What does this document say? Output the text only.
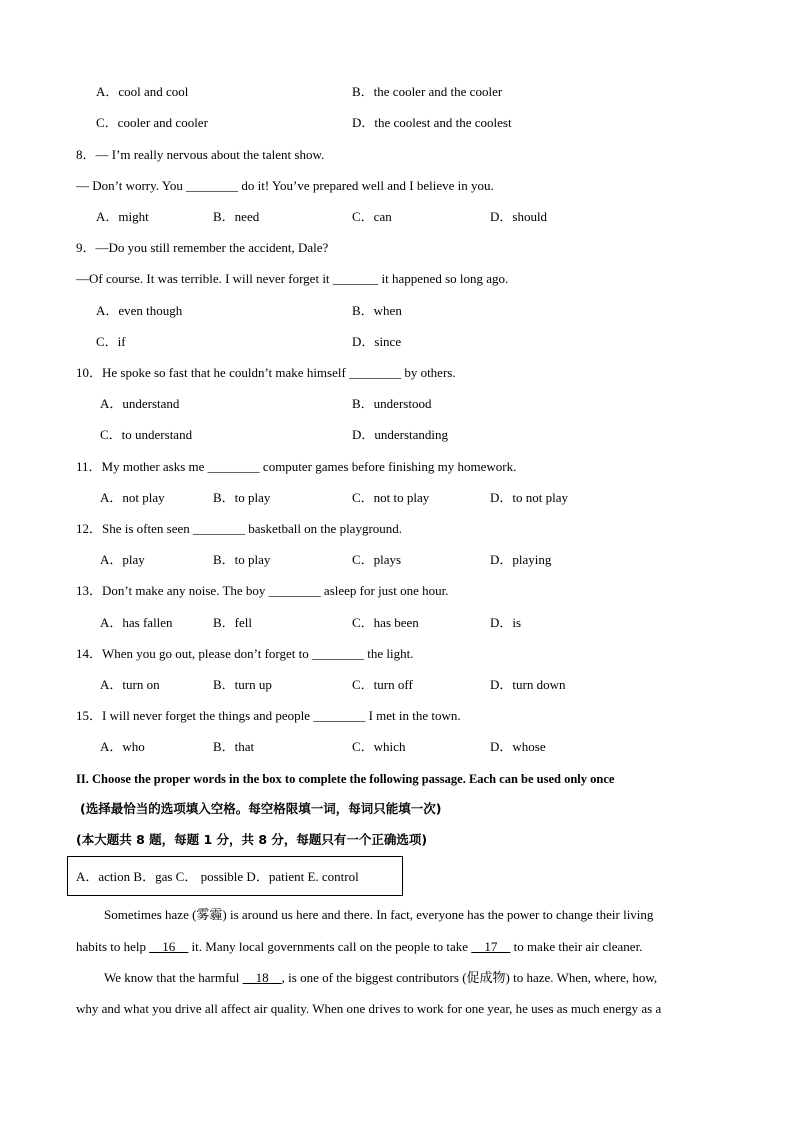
A．cool and cool	B．the cooler and the cooler
C．cooler and cooler	D．the coolest and the coolest
8．— I’m really nervous about the talent show.
— Don’t worry. You ________ do it! You’ve prepared well and I believe in you.
A．might	B．need	C．can	D．should
9．—Do you still remember the accident, Dale?
—Of course. It was terrible. I will never forget it _______ it happened so long ago.
A．even though	B．when
C．if	D．since
10．He spoke so fast that he couldn’t make himself ________ by others.
A．understand	B．understood
C．to understand	D．understanding
11．My mother asks me ________ computer games before finishing my homework.
A．not play	B．to play	C．not to play	D．to not play
12．She is often seen ________ basketball on the playground.
A．play	B．to play	C．plays	D．playing
13．Don’t make any noise. The boy ________ asleep for just one hour.
A．has fallen	B．fell	C．has been	D．is
14．When you go out, please don’t forget to ________ the light.
A．turn on	B．turn up	C．turn off	D．turn down
15．I will never forget the things and people ________ I met in the town.
A．who	B．that	C．which	D．whose
II. Choose the proper words in the box to complete the following passage. Each can be used only once
(选择最恰当的选项填入空格。每空格限填一词，每词只能填一次)
(本大题共 8 题，每题 1 分，共 8 分，每题只有一个正确选项)
A．action B．gas C． possible D．patient E. control
Sometimes haze (雾霾) is around us here and there. In fact, everyone has the power to change their living
habits to help __16__ it. Many local governments call on the people to take __17__ to make their air cleaner.
We know that the harmful __18__, is one of the biggest contributors (促成物) to haze. When, where, how,
why and what you drive all affect air quality. When one drives to work for one year, he uses as much energy as a
